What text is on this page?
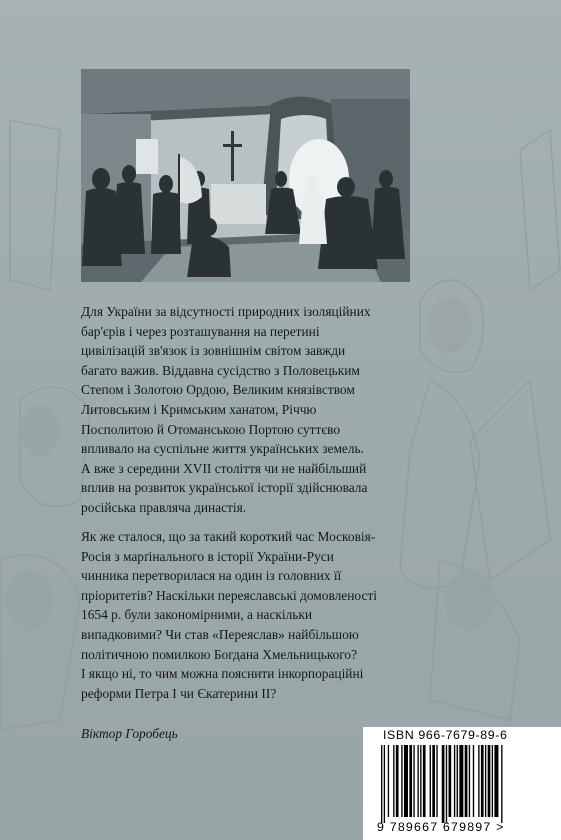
Для України за відсутності природних ізоляційних

бар'єрів і через розташування на перетині

цивілізацій зв'язок із зовнішнім світом завжди

багато важив. Віддавна сусідство з Половецьким

Степом і Золотою Ордою, Великим князівством

Литовським і Кримським ханатом, Річчю

Посполитою й Отоманською Портою суттєво

впливало на суспільне життя українських земель.

А вже з середини XVII століття чи не найбільший

вплив на розвиток української історії здійснювала

російська правляча династія.

Як же сталося, що за такий короткий час Московія-

Росія з марґінального в історії України-Руси

чинника перетворилася на один із головних її

пріоритетів? Наскільки переяславські домовленості

1654 р. були закономірними, а наскільки

випадковими? Чи став «Переяслав» найбільшою

політичною помилкою Богдана Хмельницького?

І якщо ні, то чим можна пояснити інкорпораційні

реформи Петра І чи Єкатерини ІІ?

Віктор Горобець	ISBN 966-7679-89-6
9 789667 679897 >
